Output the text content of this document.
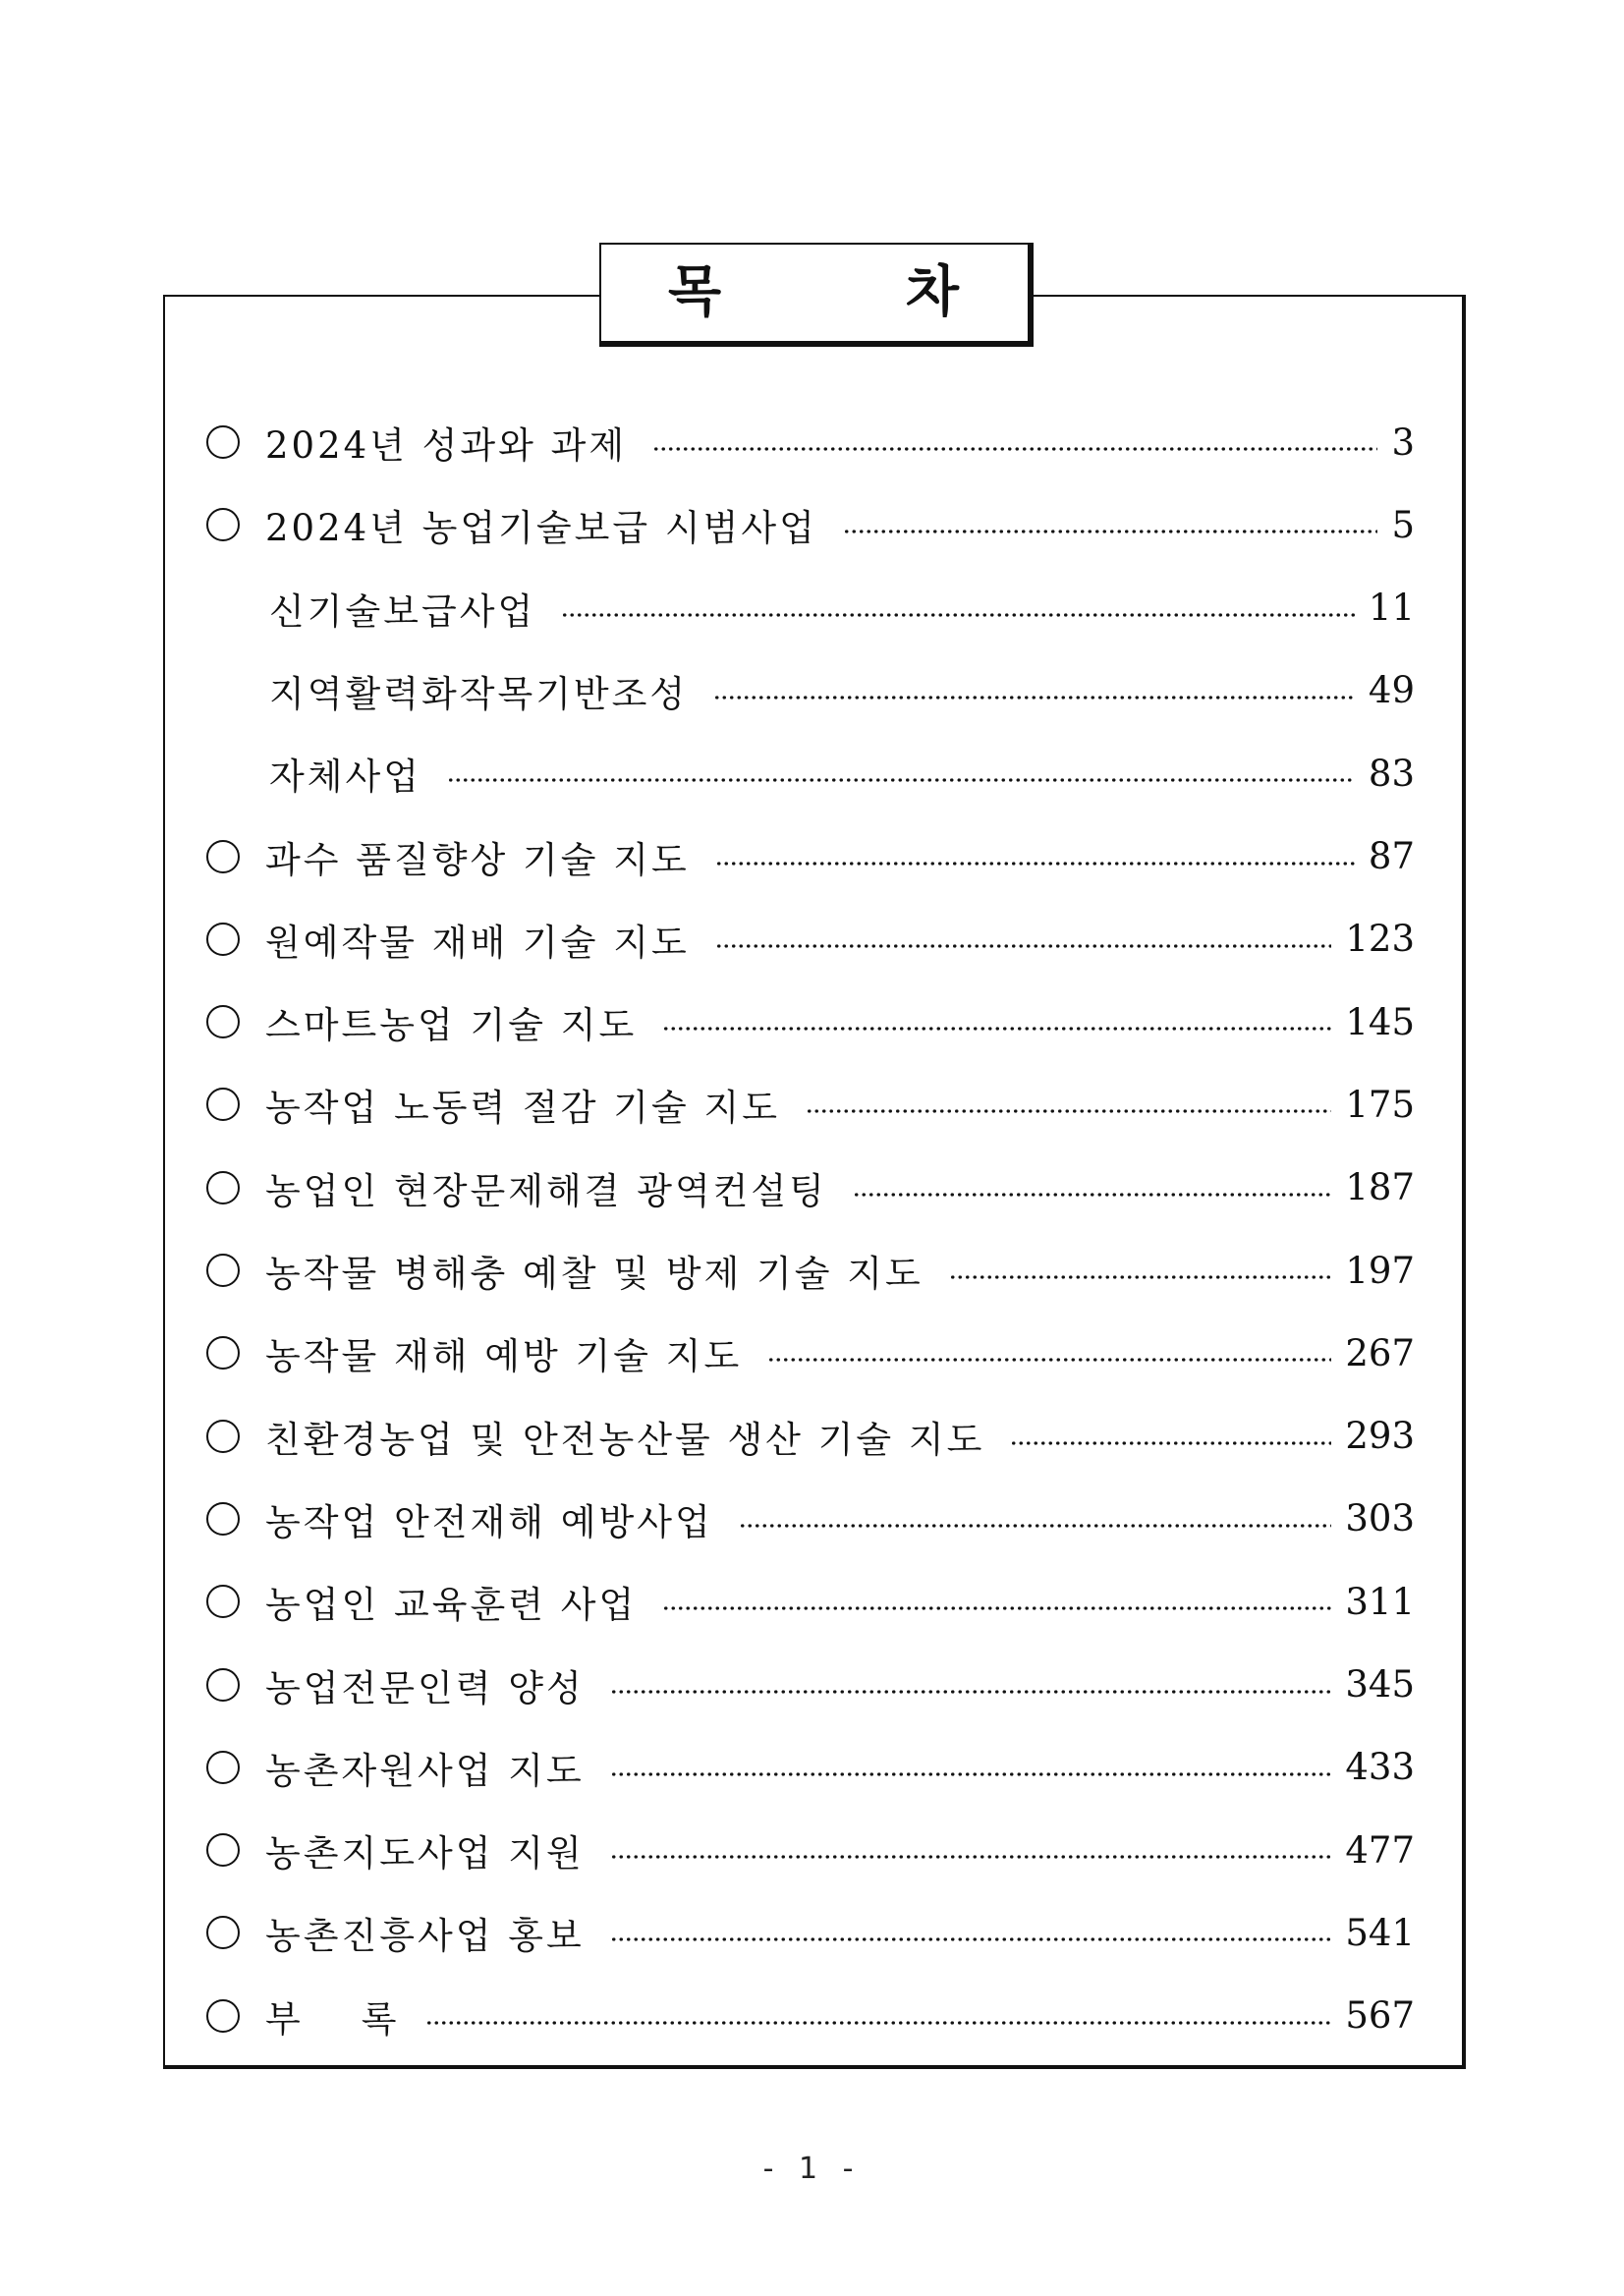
목	차
2024년 성과와 과제	3
2024년 농업기술보급 시범사업	5
신기술보급사업	11
지역활력화작목기반조성	49
자체사업	83
과수 품질향상 기술 지도	87
원예작물 재배 기술 지도	123
스마트농업 기술 지도	145
농작업 노동력 절감 기술 지도	175
농업인 현장문제해결 광역컨설팅	187
농작물 병해충 예찰 및 방제 기술 지도	197
농작물 재해 예방 기술 지도	267
친환경농업 및 안전농산물 생산 기술 지도	293
농작업 안전재해 예방사업	303
농업인 교육훈련 사업	311
농업전문인력 양성	345
농촌자원사업 지도	433
농촌지도사업 지원	477
농촌진흥사업 홍보	541
부    록	567
- 1 -
